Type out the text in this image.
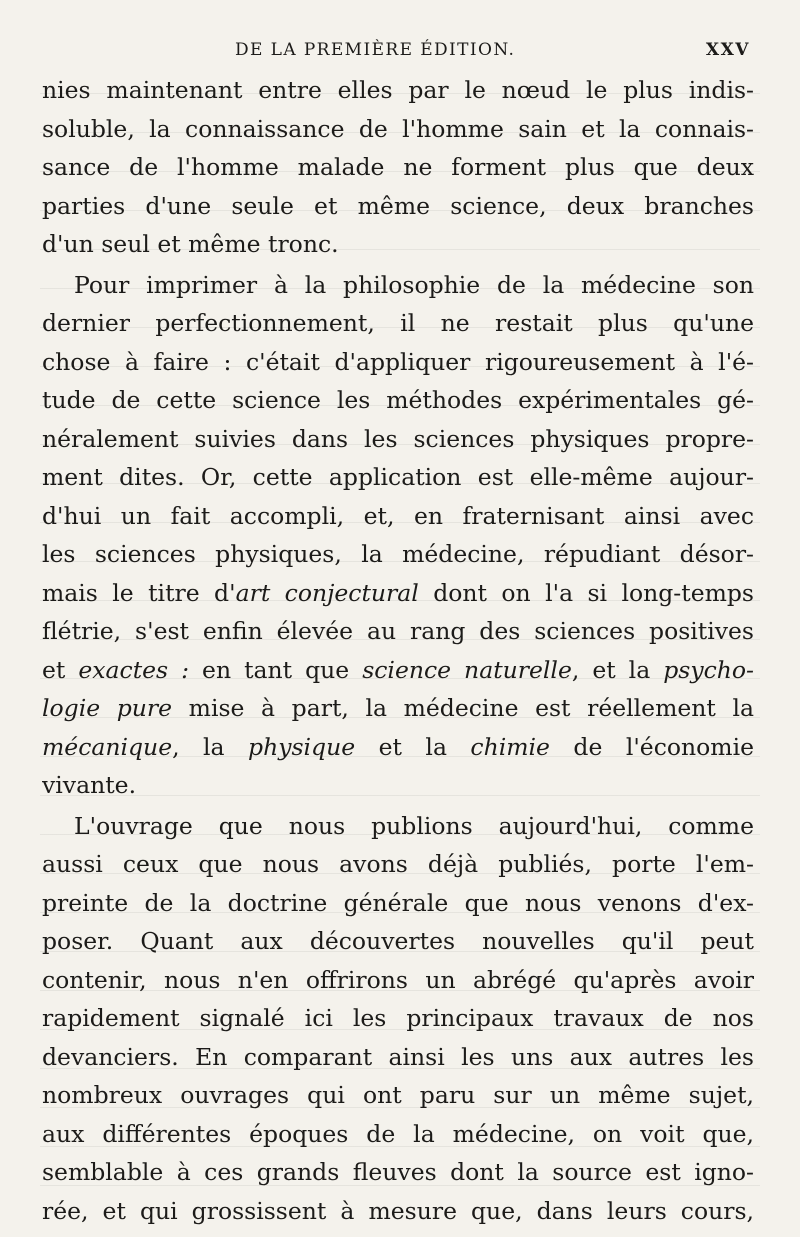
DE LA PREMIÈRE ÉDITION.	XXV
nies maintenant entre elles par le nœud le plus indis-
soluble, la connaissance de l'homme sain et la connais-
sance de l'homme malade ne forment plus que deux
parties d'une seule et même science, deux branches
d'un seul et même tronc.
Pour imprimer à la philosophie de la médecine son
dernier perfectionnement, il ne restait plus qu'une
chose à faire : c'était d'appliquer rigoureusement à l'é-
tude de cette science les méthodes expérimentales gé-
néralement suivies dans les sciences physiques propre-
ment dites. Or, cette application est elle-même aujour-
d'hui un fait accompli, et, en fraternisant ainsi avec
les sciences physiques, la médecine, répudiant désor-
mais le titre d'art conjectural dont on l'a si long-temps
flétrie, s'est enfin élevée au rang des sciences positives
et exactes : en tant que science naturelle, et la psycho-
logie pure mise à part, la médecine est réellement la
mécanique, la physique et la chimie de l'économie
vivante.
L'ouvrage que nous publions aujourd'hui, comme
aussi ceux que nous avons déjà publiés, porte l'em-
preinte de la doctrine générale que nous venons d'ex-
poser. Quant aux découvertes nouvelles qu'il peut
contenir, nous n'en offrirons un abrégé qu'après avoir
rapidement signalé ici les principaux travaux de nos
devanciers. En comparant ainsi les uns aux autres les
nombreux ouvrages qui ont paru sur un même sujet,
aux différentes époques de la médecine, on voit que,
semblable à ces grands fleuves dont la source est igno-
rée, et qui grossissent à mesure que, dans leurs cours,
